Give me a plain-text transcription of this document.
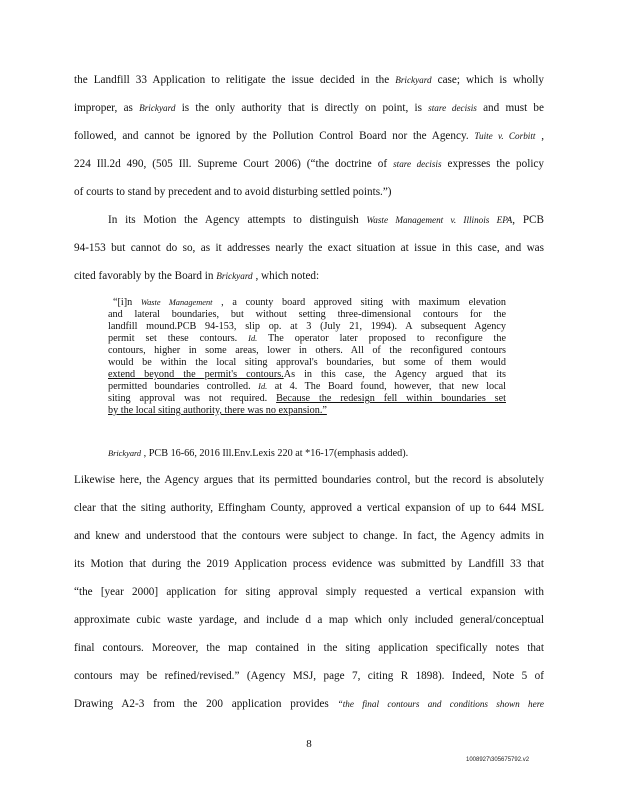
the Landfill 33 Application to relitigate the issue decided in the Brickyard case; which is wholly
improper, as Brickyard is the only authority that is directly on point, is stare decisis and must be
followed, and cannot be ignored by the Pollution Control Board nor the Agency. Tuite v. Corbitt ,
224 Ill.2d 490, (505 Ill. Supreme Court 2006) (“the doctrine of stare decisis expresses the policy
of courts to stand by precedent and to avoid disturbing settled points.”)
In its Motion the Agency attempts to distinguish Waste Management v. Illinois EPA, PCB
94-153 but cannot do so, as it addresses nearly the exact situation at issue in this case, and was
cited favorably by the Board in Brickyard , which noted:
“[i]n Waste Management , a county board approved siting with maximum elevation
and lateral boundaries, but without setting three-dimensional contours for the
landfill mound.PCB 94-153, slip op. at 3 (July 21, 1994). A subsequent Agency
permit set these contours. Id. The operator later proposed to reconfigure the
contours, higher in some areas, lower in others. All of the reconfigured contours
would be within the local siting approval's boundaries, but some of them would
extend beyond the permit's contours.As in this case, the Agency argued that its
permitted boundaries controlled. Id. at 4. The Board found, however, that new local
siting approval was not required. Because the redesign fell within boundaries set
by the local siting authority, there was no expansion.”
Brickyard , PCB 16-66, 2016 Ill.Env.Lexis 220 at *16-17(emphasis added).
Likewise here, the Agency argues that its permitted boundaries control, but the record is absolutely
clear that the siting authority, Effingham County, approved a vertical expansion of up to 644 MSL
and knew and understood that the contours were subject to change. In fact, the Agency admits in
its Motion that during the 2019 Application process evidence was submitted by Landfill 33 that
“the [year 2000] application for siting approval simply requested a vertical expansion with
approximate cubic waste yardage, and include d a map which only included general/conceptual
final contours. Moreover, the map contained in the siting application specifically notes that
contours may be refined/revised.” (Agency MSJ, page 7, citing R 1898). Indeed, Note 5 of
Drawing A2-3 from the 200 application provides “the final contours and conditions shown here
8
1008927\305675792.v2
